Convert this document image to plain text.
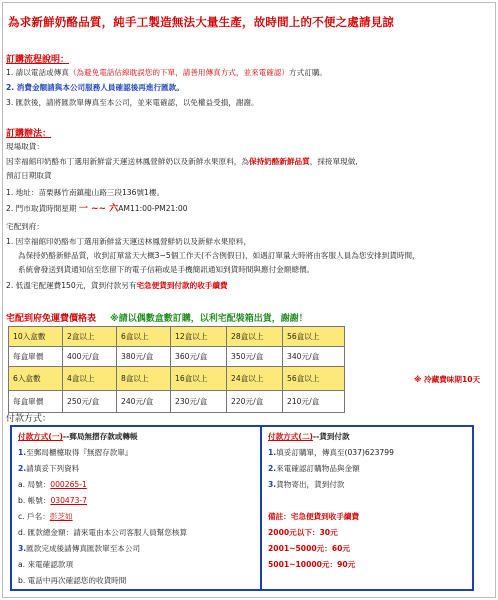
為求新鮮奶酪品質，純手工製造無法大量生產，故時間上的不便之處請見諒
訂購流程說明：
1. 請以電話或傳真（為避免電話佔線耽誤您的下單，請善用傳真方式，並來電確認）方式訂購。
2. 消費金額請與本公司服務人員確認後再進行匯款。
3. 匯款後，請將匯款單傳真至本公司，並來電確認，以免權益受損，謝謝。
訂購辦法：
現場取貨：
因幸福館印奶酪布丁選用新鮮當天運送林鳳營鮮奶以及新鮮水果原料，為保持奶酪新鮮品質，採接單現做,
預訂日期取貨
1. 地址：苗栗縣竹南鎮龍山路三段136號1樓。
2. 門市取貨時間星期 一 ~~ 六AM11:00-PM21:00
宅配到府：
1. 因幸福館印奶酪布丁選用新鮮當天運送林鳳營鮮奶以及新鮮水果原料，
為保持奶酪新鮮品質，收到訂單當天大概3~5個工作天(不含例假日)，如遇訂單量大時將由客服人員為您安排到貨時間，
系統會發送到貨通知信至您留下的電子信箱或是手機簡訊通知到貨時間與應付金額總價。
2. 低溫宅配運費150元，貨到付款另有宅急便貨到付款的收手續費
宅配到府免運費價格表 ※請以偶數盒數訂購，以利宅配裝箱出貨，謝謝！
10入盒數	2盒以上	6盒以上	12盒以上	28盒以上	56盒以上
每盒單價	400元/盒	380元/盒	360元/盒	350元/盒	340元/盒
6入盒數	4盒以上	8盒以上	16盒以上	24盒以上	56盒以上
每盒單價	250元/盒	240元/盒	230元/盒	220元/盒	210元/盒
※ 冷藏費味期10天
付款方式：
付款方式(一)--郵局無摺存款或轉帳
1.至郵局櫃檯取得『無摺存款單』
2.請填妥下列資料
a. 局號：000265-1
b. 帳號：030473-7
c. 戶名：彭芝如
d. 匯款總金額：請來電由本公司客服人員幫您核算
3.匯款完成後請傳真匯款單至本公司
a. 來電確認款項
b. 電話中再次確認您的收貨時間
付款方式(二)--貨到付款
1.填妥訂購單，傳真至(037)623799
2.來電確認訂購物品與金額
3.貨物寄出，貨到付款
備註：宅急便貨到收手續費
2000元以下：30元
2001~5000元：60元
5001~10000元：90元
